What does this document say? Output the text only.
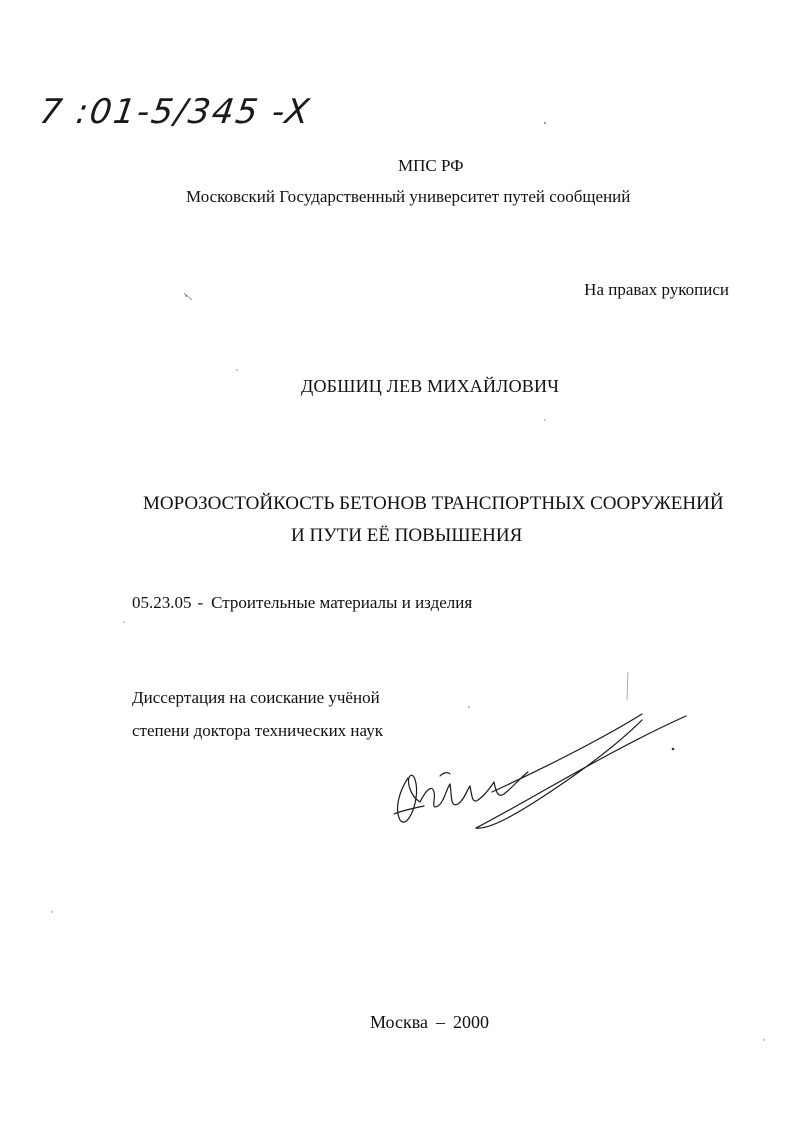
7 :01-5/345 -X
МПС РФ
Московский Государственный университет путей сообщений
На правах рукописи
ДОБШИЦ ЛЕВ МИХАЙЛОВИЧ
МОРОЗОСТОЙКОСТЬ БЕТОНОВ ТРАНСПОРТНЫХ СООРУЖЕНИЙ
И ПУТИ ЕЁ ПОВЫШЕНИЯ
05.23.05 - Строительные материалы и изделия
Диссертация на соискание учёной
степени доктора технических наук
Москва – 2000
